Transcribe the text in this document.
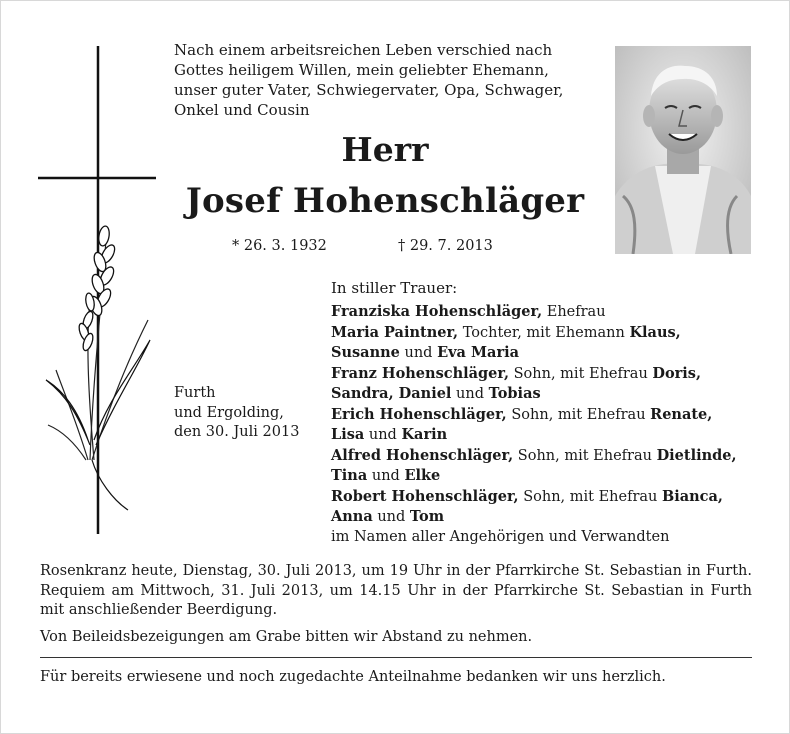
Nach einem arbeitsreichen Leben verschied nach
Gottes heiligem Willen, mein geliebter Ehemann,
unser guter Vater, Schwiegervater, Opa, Schwager,
Onkel und Cousin
Herr
Josef Hohenschläger
* 26. 3. 1932	† 29. 7. 2013
In stiller Trauer:
Franziska Hohenschläger, Ehefrau
Maria Paintner, Tochter, mit Ehemann Klaus,
Susanne und Eva Maria
Franz Hohenschläger, Sohn, mit Ehefrau Doris,
Sandra, Daniel und Tobias
Erich Hohenschläger, Sohn, mit Ehefrau Renate,
Lisa und Karin
Alfred Hohenschläger, Sohn, mit Ehefrau Dietlinde,
Tina und Elke
Robert Hohenschläger, Sohn, mit Ehefrau Bianca,
Anna und Tom
im Namen aller Angehörigen und Verwandten
Furth
und Ergolding,
den 30. Juli 2013
Rosenkranz heute, Dienstag, 30. Juli 2013, um 19 Uhr in der Pfarrkirche St. Sebastian in Furth. Requiem am Mittwoch, 31. Juli 2013, um 14.15 Uhr in der Pfarrkirche St. Sebastian in Furth mit anschließender Beerdigung.
Von Beileidsbezeigungen am Grabe bitten wir Abstand zu nehmen.
Für bereits erwiesene und noch zugedachte Anteilnahme bedanken wir uns herzlich.
